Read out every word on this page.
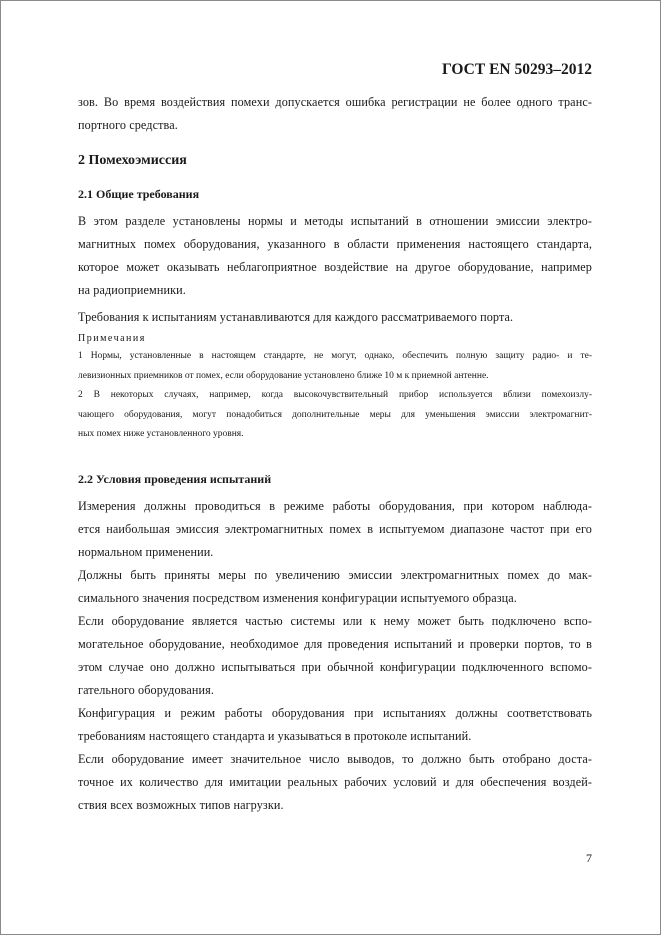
ГОСТ EN 50293–2012
зов. Во время воздействия помехи допускается ошибка регистрации не более одного транс-
портного средства.
2 Помехоэмиссия
2.1 Общие требования
В этом разделе установлены нормы и методы испытаний в отношении эмиссии электро-
магнитных помех оборудования, указанного в области применения настоящего стандарта,
которое может оказывать неблагоприятное воздействие на другое оборудование, например
на радиоприемники.
Требования к испытаниям устанавливаются для каждого рассматриваемого порта.
Примечания
1 Нормы, установленные в настоящем стандарте, не могут, однако, обеспечить полную защиту радио- и те-
левизионных приемников от помех, если оборудование установлено ближе 10 м к приемной антенне.
2 В некоторых случаях, например, когда высокочувствительный прибор используется вблизи помехоизлу-
чающего оборудования, могут понадобиться дополнительные меры для уменьшения эмиссии электромагнит-
ных помех ниже установленного уровня.
2.2 Условия проведения испытаний
Измерения должны проводиться в режиме работы оборудования, при котором наблюда-
ется наибольшая эмиссия электромагнитных помех в испытуемом диапазоне частот при его
нормальном применении.
Должны быть приняты меры по увеличению эмиссии электромагнитных помех до мак-
симального значения посредством изменения конфигурации испытуемого образца.
Если оборудование является частью системы или к нему может быть подключено вспо-
могательное оборудование, необходимое для проведения испытаний и проверки портов, то в
этом случае оно должно испытываться при обычной конфигурации подключенного вспомо-
гательного оборудования.
Конфигурация и режим работы оборудования при испытаниях должны соответствовать
требованиям настоящего стандарта и указываться в протоколе испытаний.
Если оборудование имеет значительное число выводов, то должно быть отобрано доста-
точное их количество для имитации реальных рабочих условий и для обеспечения воздей-
ствия всех возможных типов нагрузки.
7
